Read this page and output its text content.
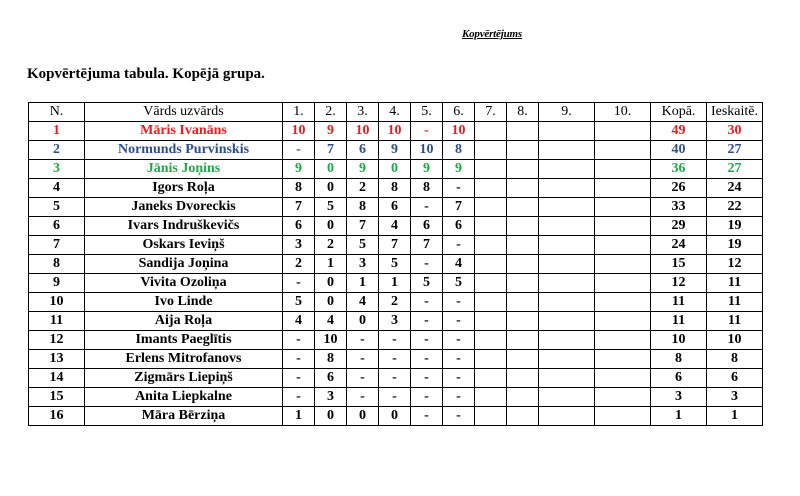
Kopvērtējums
Kopvērtējuma tabula. Kopējā grupa.
N.	Vārds uzvārds	1.	2.	3.	4.	5.	6.	7.	8.	9.	10.	Kopā.	Ieskaitē.
1	Māris Ivanāns	10	9	10	10	-	10					49	30
2	Normunds Purvinskis	-	7	6	9	10	8					40	27
3	Jānis Joņins	9	0	9	0	9	9					36	27
4	Igors Roļa	8	0	2	8	8	-					26	24
5	Janeks Dvoreckis	7	5	8	6	-	7					33	22
6	Ivars Indruškevičs	6	0	7	4	6	6					29	19
7	Oskars Ieviņš	3	2	5	7	7	-					24	19
8	Sandija Joņina	2	1	3	5	-	4					15	12
9	Vivita Ozoliņa	-	0	1	1	5	5					12	11
10	Ivo Linde	5	0	4	2	-	-					11	11
11	Aija Roļa	4	4	0	3	-	-					11	11
12	Imants Paeglītis	-	10	-	-	-	-					10	10
13	Erlens Mitrofanovs	-	8	-	-	-	-					8	8
14	Zigmārs Liepiņš	-	6	-	-	-	-					6	6
15	Anita Liepkalne	-	3	-	-	-	-					3	3
16	Māra Bērziņa	1	0	0	0	-	-					1	1
